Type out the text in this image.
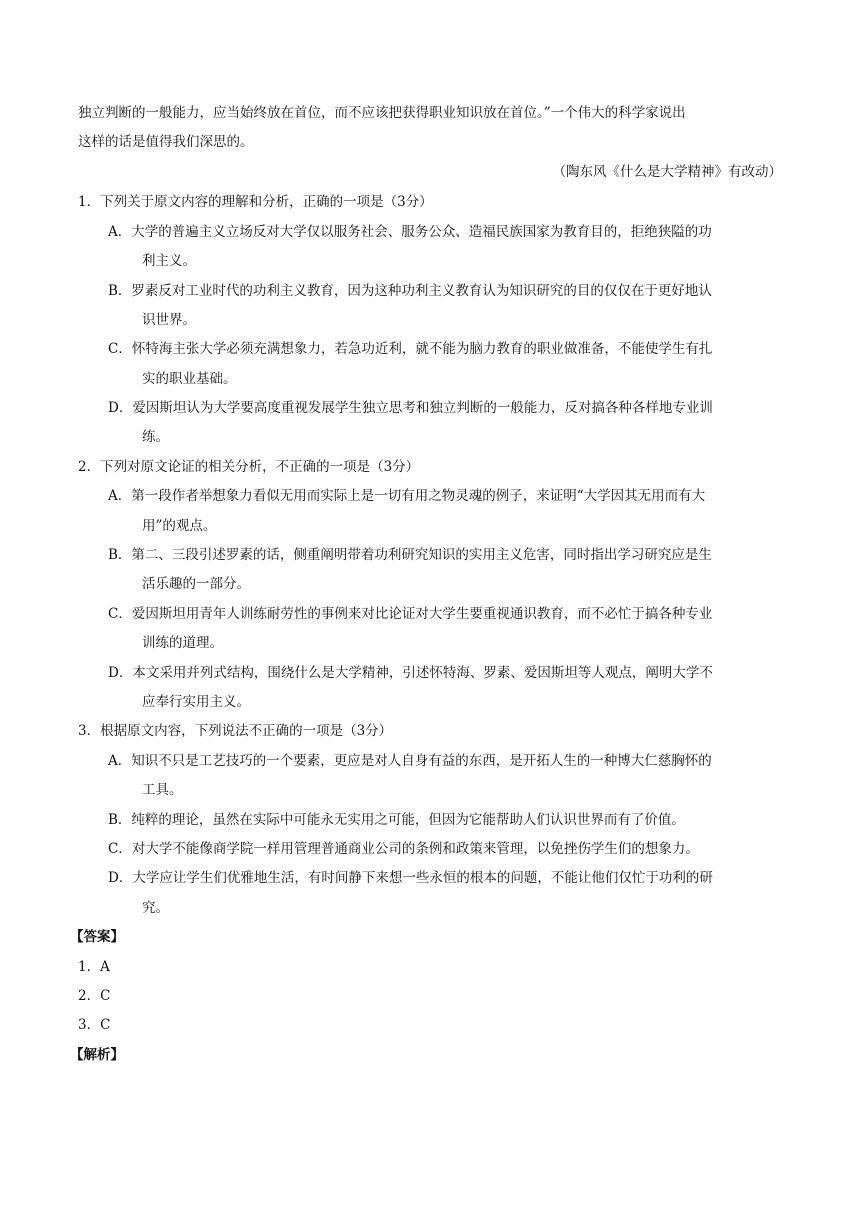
独立判断的一般能力，应当始终放在首位，而不应该把获得职业知识放在首位。”一个伟大的科学家说出
这样的话是值得我们深思的。
（陶东风《什么是大学精神》有改动）
1．下列关于原文内容的理解和分析，正确的一项是（3分）
A．大学的普遍主义立场反对大学仅以服务社会、服务公众、造福民族国家为教育目的，拒绝狭隘的功
利主义。
B．罗素反对工业时代的功利主义教育，因为这种功利主义教育认为知识研究的目的仅仅在于更好地认
识世界。
C．怀特海主张大学必须充满想象力，若急功近利，就不能为脑力教育的职业做准备，不能使学生有扎
实的职业基础。
D．爱因斯坦认为大学要高度重视发展学生独立思考和独立判断的一般能力，反对搞各种各样地专业训
练。
2．下列对原文论证的相关分析，不正确的一项是（3分）
A．第一段作者举想象力看似无用而实际上是一切有用之物灵魂的例子，来证明“大学因其无用而有大
用”的观点。
B．第二、三段引述罗素的话，侧重阐明带着功利研究知识的实用主义危害，同时指出学习研究应是生
活乐趣的一部分。
C．爱因斯坦用青年人训练耐劳性的事例来对比论证对大学生要重视通识教育，而不必忙于搞各种专业
训练的道理。
D．本文采用并列式结构，围绕什么是大学精神，引述怀特海、罗素、爱因斯坦等人观点，阐明大学不
应奉行实用主义。
3．根据原文内容，下列说法不正确的一项是（3分）
A．知识不只是工艺技巧的一个要素，更应是对人自身有益的东西，是开拓人生的一种博大仁慈胸怀的
工具。
B．纯粹的理论，虽然在实际中可能永无实用之可能，但因为它能帮助人们认识世界而有了价值。
C．对大学不能像商学院一样用管理普通商业公司的条例和政策来管理，以免挫伤学生们的想象力。
D．大学应让学生们优雅地生活，有时间静下来想一些永恒的根本的问题，不能让他们仅忙于功利的研
究。
【答案】
1．A
2．C
3．C
【解析】
